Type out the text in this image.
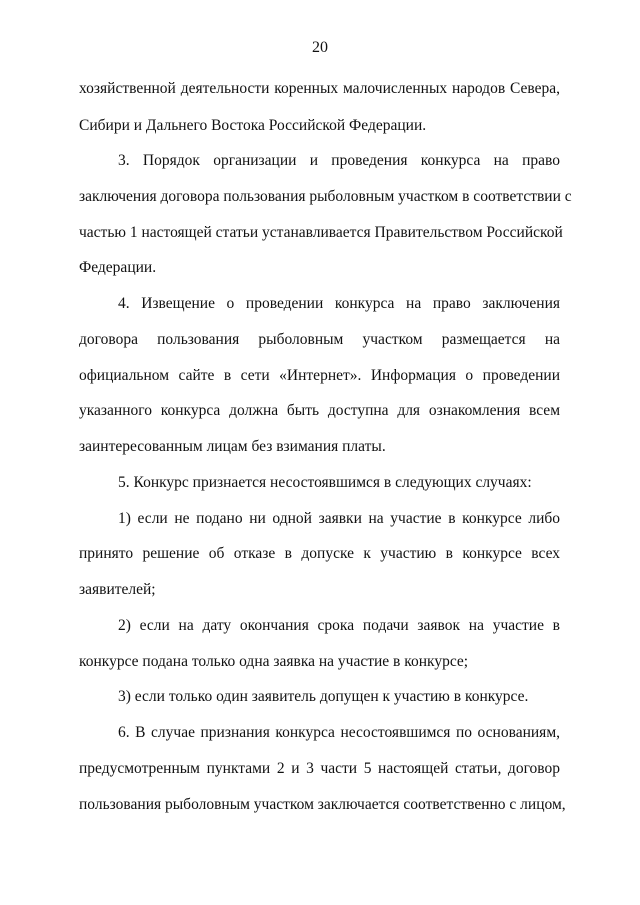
20
хозяйственной деятельности коренных малочисленных народов Севера,
Сибири и Дальнего Востока Российской Федерации.
3. Порядок организации и проведения конкурса на право
заключения договора пользования рыболовным участком в соответствии с
частью 1 настоящей статьи устанавливается Правительством Российской
Федерации.
4. Извещение о проведении конкурса на право заключения
договора пользования рыболовным участком размещается на
официальном сайте в сети «Интернет». Информация о проведении
указанного конкурса должна быть доступна для ознакомления всем
заинтересованным лицам без взимания платы.
5. Конкурс признается несостоявшимся в следующих случаях:
1) если не подано ни одной заявки на участие в конкурсе либо
принято решение об отказе в допуске к участию в конкурсе всех
заявителей;
2) если на дату окончания срока подачи заявок на участие в
конкурсе подана только одна заявка на участие в конкурсе;
3) если только один заявитель допущен к участию в конкурсе.
6. В случае признания конкурса несостоявшимся по основаниям,
предусмотренным пунктами 2 и 3 части 5 настоящей статьи, договор
пользования рыболовным участком заключается соответственно с лицом,
